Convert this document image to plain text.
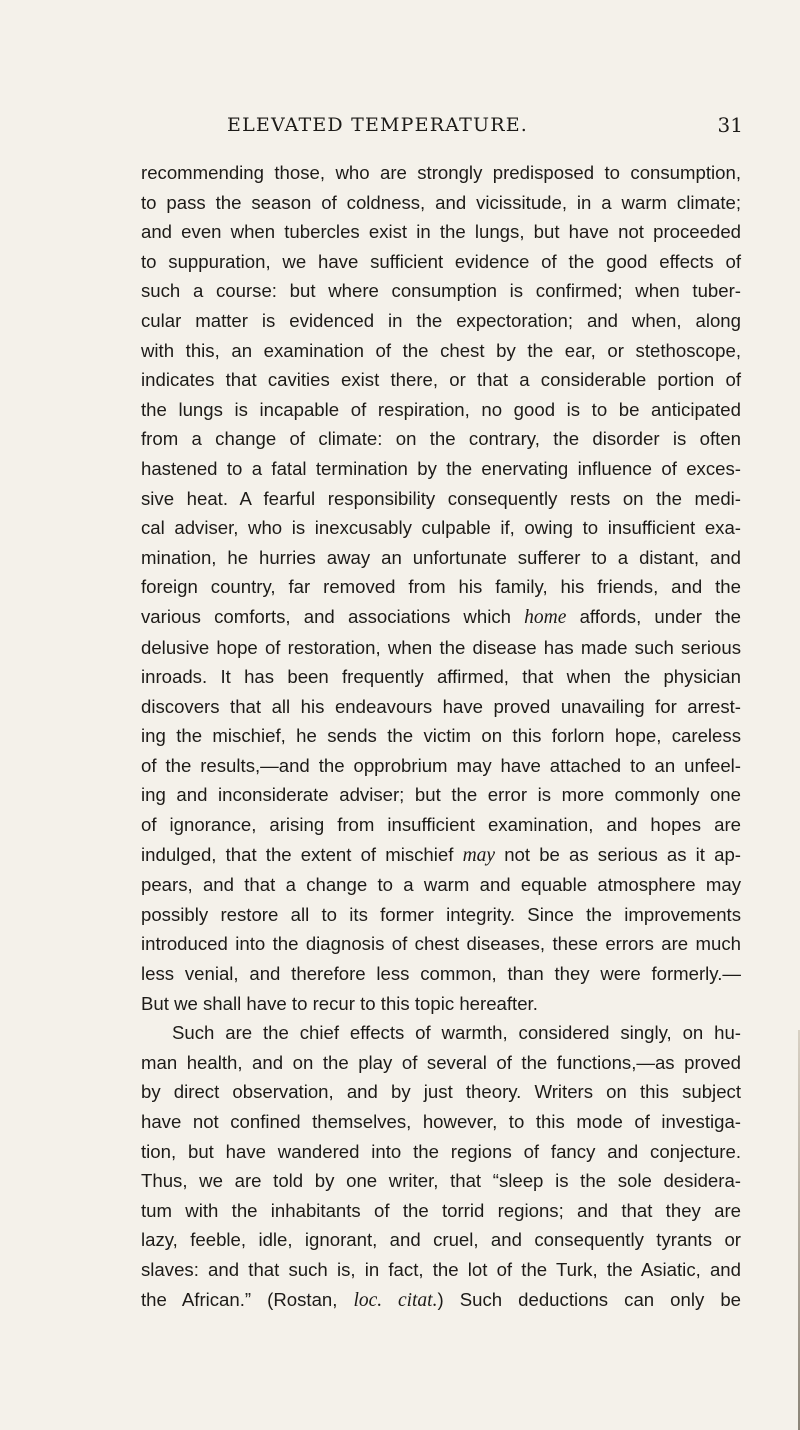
ELEVATED TEMPERATURE.	31
recommending those, who are strongly predisposed to consumption,
to pass the season of coldness, and vicissitude, in a warm climate;
and even when tubercles exist in the lungs, but have not proceeded
to suppuration, we have sufficient evidence of the good effects of
such a course: but where consumption is confirmed; when tuber-
cular matter is evidenced in the expectoration; and when, along
with this, an examination of the chest by the ear, or stethoscope,
indicates that cavities exist there, or that a considerable portion of
the lungs is incapable of respiration, no good is to be anticipated
from a change of climate: on the contrary, the disorder is often
hastened to a fatal termination by the enervating influence of exces-
sive heat. A fearful responsibility consequently rests on the medi-
cal adviser, who is inexcusably culpable if, owing to insufficient exa-
mination, he hurries away an unfortunate sufferer to a distant, and
foreign country, far removed from his family, his friends, and the
various comforts, and associations which home affords, under the
delusive hope of restoration, when the disease has made such serious
inroads. It has been frequently affirmed, that when the physician
discovers that all his endeavours have proved unavailing for arrest-
ing the mischief, he sends the victim on this forlorn hope, careless
of the results,—and the opprobrium may have attached to an unfeel-
ing and inconsiderate adviser; but the error is more commonly one
of ignorance, arising from insufficient examination, and hopes are
indulged, that the extent of mischief may not be as serious as it ap-
pears, and that a change to a warm and equable atmosphere may
possibly restore all to its former integrity. Since the improvements
introduced into the diagnosis of chest diseases, these errors are much
less venial, and therefore less common, than they were formerly.—
But we shall have to recur to this topic hereafter.
Such are the chief effects of warmth, considered singly, on hu-
man health, and on the play of several of the functions,—as proved
by direct observation, and by just theory. Writers on this subject
have not confined themselves, however, to this mode of investiga-
tion, but have wandered into the regions of fancy and conjecture.
Thus, we are told by one writer, that “sleep is the sole desidera-
tum with the inhabitants of the torrid regions; and that they are
lazy, feeble, idle, ignorant, and cruel, and consequently tyrants or
slaves: and that such is, in fact, the lot of the Turk, the Asiatic, and
the African.” (Rostan, loc. citat.) Such deductions can only be
